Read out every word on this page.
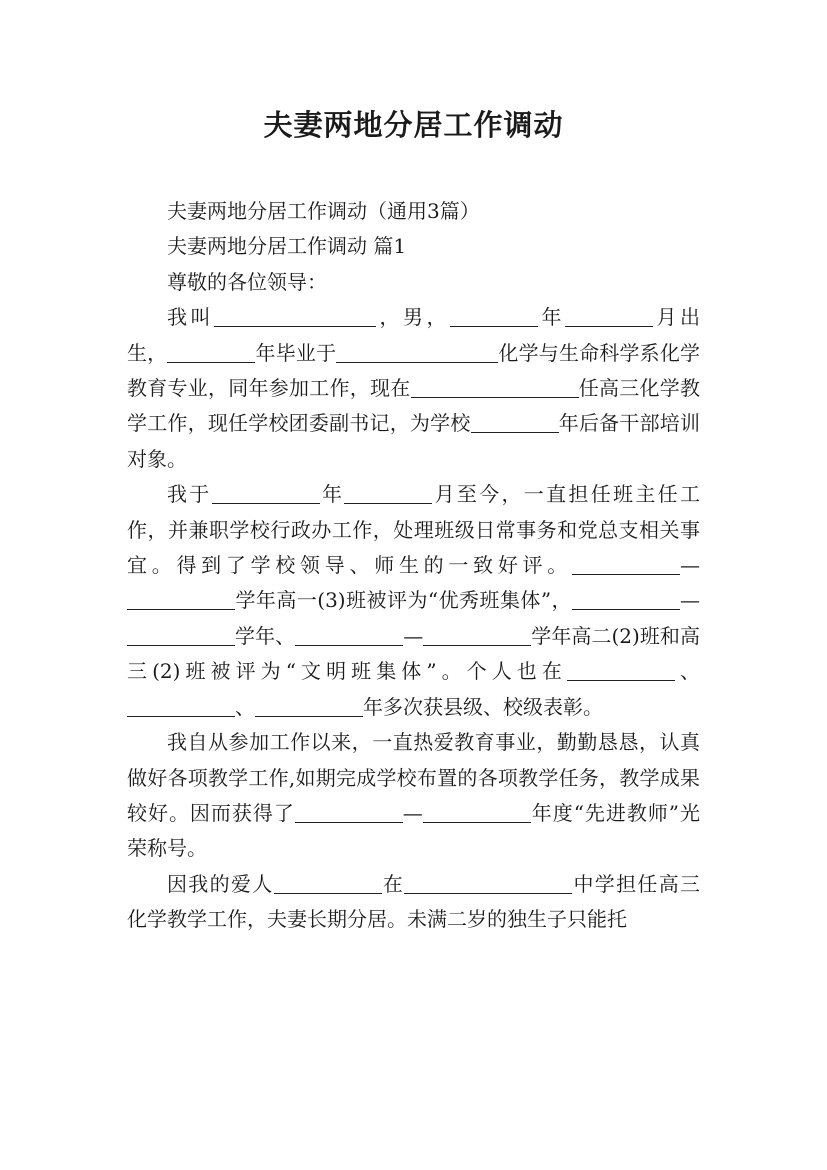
夫妻两地分居工作调动

夫妻两地分居工作调动（通用3篇）

夫妻两地分居工作调动 篇1

尊敬的各位领导：

我叫	，男，	年	月出生，	年毕业于	化学与生命科学系化学教育专业，同年参加工作，现在	任高三化学教学工作，现任学校团委副书记，为学校	年后备干部培训对象。

我于	年	月至今，一直担任班主任工作，并兼职学校行政办工作，处理班级日常事务和党总支相关事宜。得到了学校领导、师生的一致好评。	—学年高一(3)班被评为“优秀班集体”，	—学年、	—	学年高二(2)班和高三(2)班被评为“文明班集体”。个人也在	、、	年多次获县级、校级表彰。

我自从参加工作以来，一直热爱教育事业，勤勤恳恳，认真做好各项教学工作,如期完成学校布置的各项教学任务，教学成果较好。因而获得了	—	年度“先进教师”光荣称号。

因我的爱人	在	中学担任高三化学教学工作，夫妻长期分居。未满二岁的独生子只能托
